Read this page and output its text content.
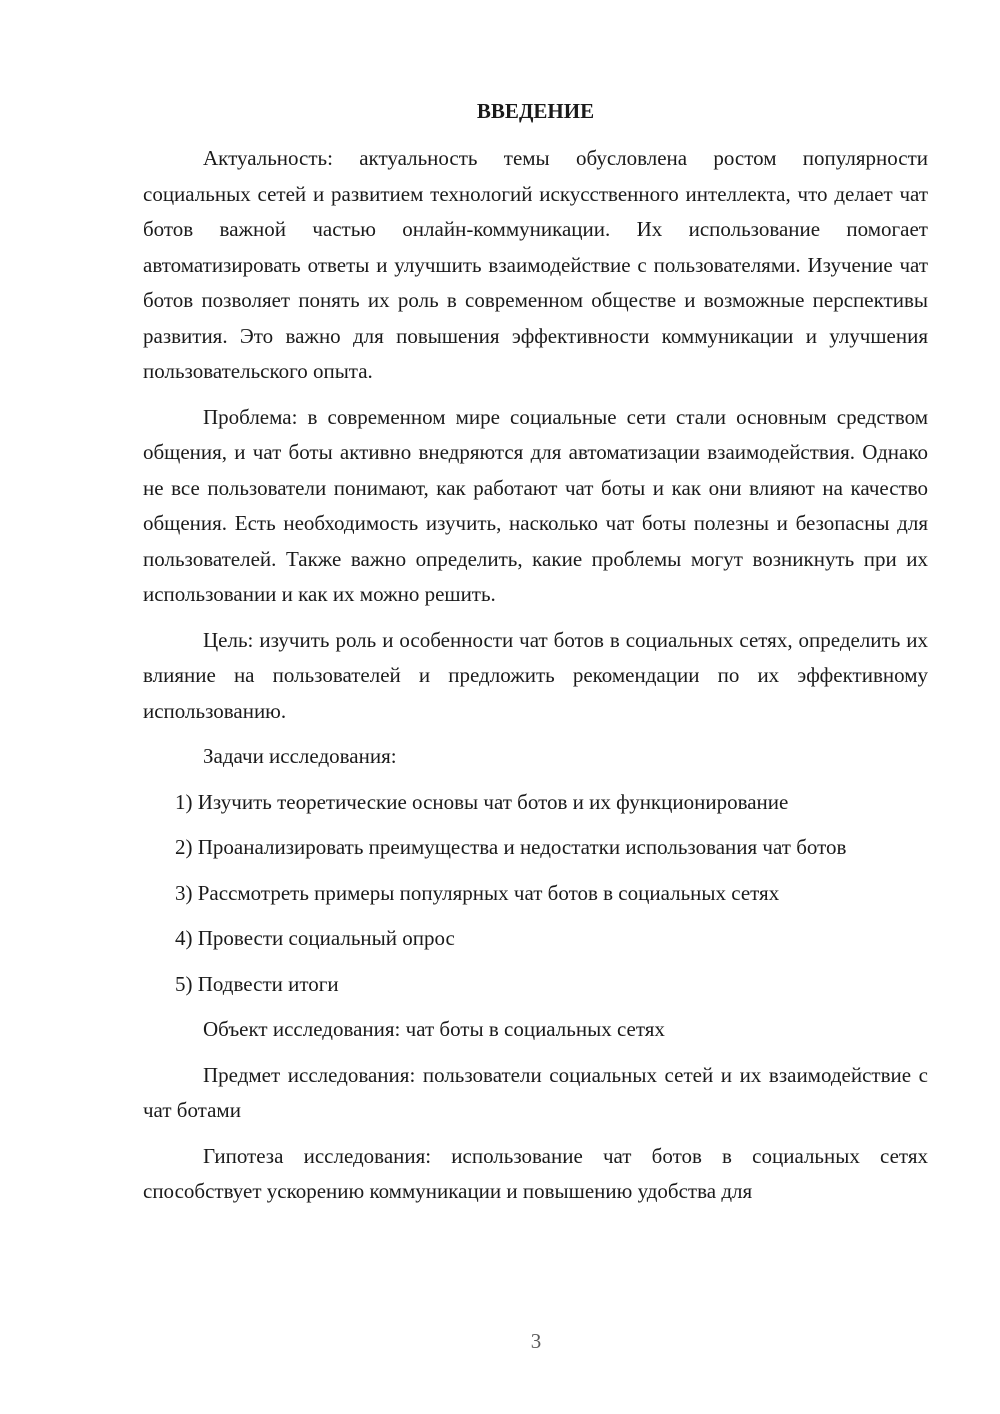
ВВЕДЕНИЕ

Актуальность: актуальность темы обусловлена ростом популярности социальных сетей и развитием технологий искусственного интеллекта, что делает чат ботов важной частью онлайн-коммуникации. Их использование помогает автоматизировать ответы и улучшить взаимодействие с пользователями. Изучение чат ботов позволяет понять их роль в современном обществе и возможные перспективы развития. Это важно для повышения эффективности коммуникации и улучшения пользовательского опыта.

Проблема: в современном мире социальные сети стали основным средством общения, и чат боты активно внедряются для автоматизации взаимодействия. Однако не все пользователи понимают, как работают чат боты и как они влияют на качество общения. Есть необходимость изучить, насколько чат боты полезны и безопасны для пользователей. Также важно определить, какие проблемы могут возникнуть при их использовании и как их можно решить.

Цель: изучить роль и особенности чат ботов в социальных сетях, определить их влияние на пользователей и предложить рекомендации по их эффективному использованию.

Задачи исследования:

1) Изучить теоретические основы чат ботов и их функционирование

2) Проанализировать преимущества и недостатки использования чат ботов

3) Рассмотреть примеры популярных чат ботов в социальных сетях

4) Провести социальный опрос

5) Подвести итоги

Объект исследования: чат боты в социальных сетях

Предмет исследования: пользователи социальных сетей и их взаимодействие с чат ботами

Гипотеза исследования: использование чат ботов в социальных сетях способствует ускорению коммуникации и повышению удобства для

3
